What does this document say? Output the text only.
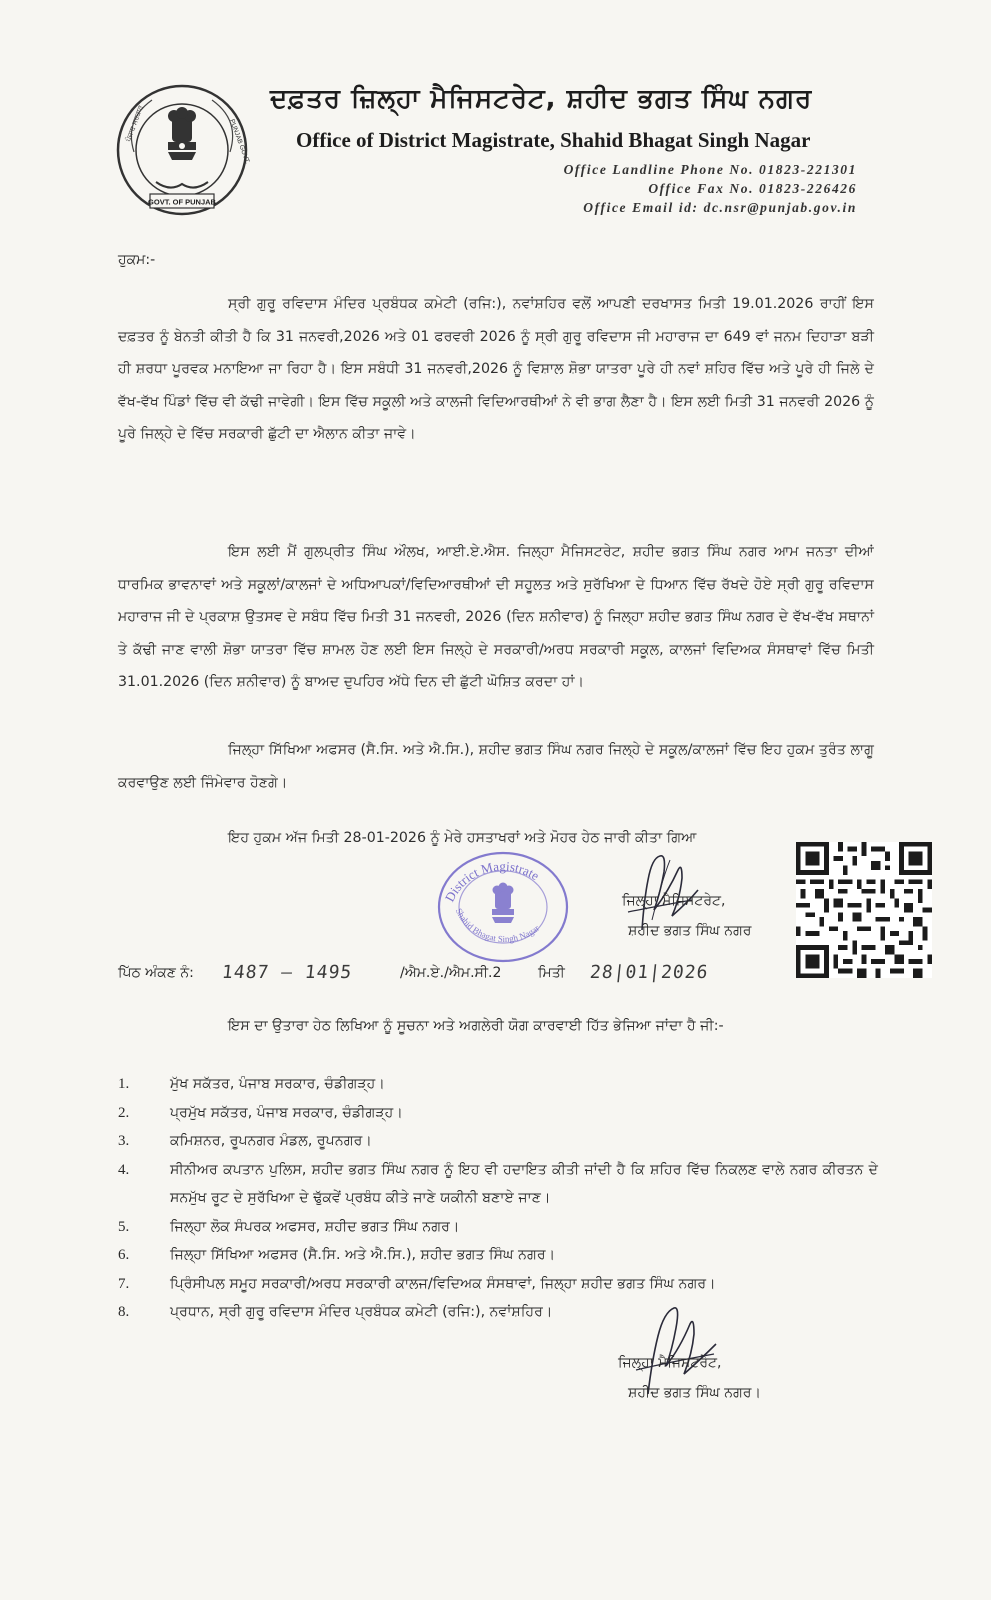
GOVT. OF PUNJAB
ਪੰਜਾਬ ਸਰਕਾਰ	PUNJAB GOVT.
ਦਫ਼ਤਰ ਜ਼ਿਲ੍ਹਾ ਮੈਜਿਸਟਰੇਟ, ਸ਼ਹੀਦ ਭਗਤ ਸਿੰਘ ਨਗਰ
Office of District Magistrate, Shahid Bhagat Singh Nagar
Office Landline Phone No. 01823-221301
Office Fax No. 01823-226426
Office Email id: dc.nsr@punjab.gov.in
ਹੁਕਮ:-
ਸ੍ਰੀ ਗੁਰੂ ਰਵਿਦਾਸ ਮੰਦਿਰ ਪ੍ਰਬੰਧਕ ਕਮੇਟੀ (ਰਜਿ:), ਨਵਾਂਸ਼ਹਿਰ ਵਲੋਂ ਆਪਣੀ ਦਰਖਾਸਤ ਮਿਤੀ 19.01.2026 ਰਾਹੀਂ ਇਸ ਦਫ਼ਤਰ ਨੂੰ ਬੇਨਤੀ ਕੀਤੀ ਹੈ ਕਿ 31 ਜਨਵਰੀ,2026 ਅਤੇ 01 ਫਰਵਰੀ 2026 ਨੂੰ ਸ੍ਰੀ ਗੁਰੂ ਰਵਿਦਾਸ ਜੀ ਮਹਾਰਾਜ ਦਾ 649 ਵਾਂ ਜਨਮ ਦਿਹਾੜਾ ਬੜੀ ਹੀ ਸ਼ਰਧਾ ਪੂਰਵਕ ਮਨਾਇਆ ਜਾ ਰਿਹਾ ਹੈ। ਇਸ ਸਬੰਧੀ 31 ਜਨਵਰੀ,2026 ਨੂੰ ਵਿਸ਼ਾਲ ਸ਼ੋਭਾ ਯਾਤਰਾ ਪੂਰੇ ਹੀ ਨਵਾਂ ਸ਼ਹਿਰ ਵਿੱਚ ਅਤੇ ਪੂਰੇ ਹੀ ਜਿਲੇ ਦੇ ਵੱਖ-ਵੱਖ ਪਿੰਡਾਂ ਵਿੱਚ ਵੀ ਕੱਢੀ ਜਾਵੇਗੀ। ਇਸ ਵਿੱਚ ਸਕੂਲੀ ਅਤੇ ਕਾਲਜੀ ਵਿਦਿਆਰਥੀਆਂ ਨੇ ਵੀ ਭਾਗ ਲੈਣਾ ਹੈ। ਇਸ ਲਈ ਮਿਤੀ 31 ਜਨਵਰੀ 2026 ਨੂੰ ਪੂਰੇ ਜਿਲ੍ਹੇ ਦੇ ਵਿੱਚ ਸਰਕਾਰੀ ਛੁੱਟੀ ਦਾ ਐਲਾਨ ਕੀਤਾ ਜਾਵੇ।
ਇਸ ਲਈ ਮੈਂ ਗੁਲਪ੍ਰੀਤ ਸਿੰਘ ਔਲਖ, ਆਈ.ਏ.ਐਸ. ਜਿਲ੍ਹਾ ਮੈਜਿਸਟਰੇਟ, ਸ਼ਹੀਦ ਭਗਤ ਸਿੰਘ ਨਗਰ ਆਮ ਜਨਤਾ ਦੀਆਂ ਧਾਰਮਿਕ ਭਾਵਨਾਵਾਂ ਅਤੇ ਸਕੂਲਾਂ/ਕਾਲਜਾਂ ਦੇ ਅਧਿਆਪਕਾਂ/ਵਿਦਿਆਰਥੀਆਂ ਦੀ ਸਹੂਲਤ ਅਤੇ ਸੁਰੱਖਿਆ ਦੇ ਧਿਆਨ ਵਿੱਚ ਰੱਖਦੇ ਹੋਏ ਸ੍ਰੀ ਗੁਰੂ ਰਵਿਦਾਸ ਮਹਾਰਾਜ ਜੀ ਦੇ ਪ੍ਰਕਾਸ਼ ਉਤਸਵ ਦੇ ਸਬੰਧ ਵਿੱਚ ਮਿਤੀ 31 ਜਨਵਰੀ, 2026 (ਦਿਨ ਸ਼ਨੀਵਾਰ) ਨੂੰ ਜਿਲ੍ਹਾ ਸ਼ਹੀਦ ਭਗਤ ਸਿੰਘ ਨਗਰ ਦੇ ਵੱਖ-ਵੱਖ ਸਥਾਨਾਂ ਤੇ ਕੱਢੀ ਜਾਣ ਵਾਲੀ ਸ਼ੋਭਾ ਯਾਤਰਾ ਵਿੱਚ ਸ਼ਾਮਲ ਹੋਣ ਲਈ ਇਸ ਜਿਲ੍ਹੇ ਦੇ ਸਰਕਾਰੀ/ਅਰਧ ਸਰਕਾਰੀ ਸਕੂਲ, ਕਾਲਜਾਂ ਵਿਦਿਅਕ ਸੰਸਥਾਵਾਂ ਵਿੱਚ ਮਿਤੀ 31.01.2026 (ਦਿਨ ਸ਼ਨੀਵਾਰ) ਨੂੰ ਬਾਅਦ ਦੁਪਹਿਰ ਅੱਧੇ ਦਿਨ ਦੀ ਛੁੱਟੀ ਘੋਸ਼ਿਤ ਕਰਦਾ ਹਾਂ।
ਜਿਲ੍ਹਾ ਸਿੱਖਿਆ ਅਫਸਰ (ਸੈ.ਸਿ. ਅਤੇ ਐ.ਸਿ.), ਸ਼ਹੀਦ ਭਗਤ ਸਿੰਘ ਨਗਰ ਜਿਲ੍ਹੇ ਦੇ ਸਕੂਲ/ਕਾਲਜਾਂ ਵਿੱਚ ਇਹ ਹੁਕਮ ਤੁਰੰਤ ਲਾਗੂ ਕਰਵਾਉਣ ਲਈ ਜਿੰਮੇਵਾਰ ਹੋਣਗੇ।
ਇਹ ਹੁਕਮ ਅੱਜ ਮਿਤੀ 28-01-2026 ਨੂੰ ਮੇਰੇ ਹਸਤਾਖਰਾਂ ਅਤੇ ਮੋਹਰ ਹੇਠ ਜਾਰੀ ਕੀਤਾ ਗਿਆ
District Magistrate
Shahid Bhagat Singh Nagar
ਜਿਲ੍ਹਾ ਮੈਜਿਸਟਰੇਟ,
ਸ਼ਹੀਦ ਭਗਤ ਸਿੰਘ ਨਗਰ
ਪਿੱਠ ਅੰਕਣ ਨੰ: 1487 – 1495	/ਐਮ.ਏ./ਐਮ.ਸੀ.2	ਮਿਤੀ 28|01|2026
ਇਸ ਦਾ ਉਤਾਰਾ ਹੇਠ ਲਿਖਿਆ ਨੂੰ ਸੂਚਨਾ ਅਤੇ ਅਗਲੇਰੀ ਯੋਗ ਕਾਰਵਾਈ ਹਿੱਤ ਭੇਜਿਆ ਜਾਂਦਾ ਹੈ ਜੀ:-
1.	ਮੁੱਖ ਸਕੱਤਰ, ਪੰਜਾਬ ਸਰਕਾਰ, ਚੰਡੀਗੜ੍ਹ।
2.	ਪ੍ਰਮੁੱਖ ਸਕੱਤਰ, ਪੰਜਾਬ ਸਰਕਾਰ, ਚੰਡੀਗੜ੍ਹ।
3.	ਕਮਿਸ਼ਨਰ, ਰੂਪਨਗਰ ਮੰਡਲ, ਰੂਪਨਗਰ।
4.	ਸੀਨੀਅਰ ਕਪਤਾਨ ਪੁਲਿਸ, ਸ਼ਹੀਦ ਭਗਤ ਸਿੰਘ ਨਗਰ ਨੂੰ ਇਹ ਵੀ ਹਦਾਇਤ ਕੀਤੀ ਜਾਂਦੀ ਹੈ ਕਿ ਸ਼ਹਿਰ ਵਿੱਚ ਨਿਕਲਣ ਵਾਲੇ ਨਗਰ ਕੀਰਤਨ ਦੇ ਸਨਮੁੱਖ ਰੂਟ ਦੇ ਸੁਰੱਖਿਆ ਦੇ ਢੁੱਕਵੇਂ ਪ੍ਰਬੰਧ ਕੀਤੇ ਜਾਣੇ ਯਕੀਨੀ ਬਣਾਏ ਜਾਣ।
5.	ਜਿਲ੍ਹਾ ਲੋਕ ਸੰਪਰਕ ਅਫਸਰ, ਸ਼ਹੀਦ ਭਗਤ ਸਿੰਘ ਨਗਰ।
6.	ਜਿਲ੍ਹਾ ਸਿੱਖਿਆ ਅਫਸਰ (ਸੈ.ਸਿ. ਅਤੇ ਐ.ਸਿ.), ਸ਼ਹੀਦ ਭਗਤ ਸਿੰਘ ਨਗਰ।
7.	ਪ੍ਰਿੰਸੀਪਲ ਸਮੂਹ ਸਰਕਾਰੀ/ਅਰਧ ਸਰਕਾਰੀ ਕਾਲਜ/ਵਿਦਿਅਕ ਸੰਸਥਾਵਾਂ, ਜਿਲ੍ਹਾ ਸ਼ਹੀਦ ਭਗਤ ਸਿੰਘ ਨਗਰ।
8.	ਪ੍ਰਧਾਨ, ਸ੍ਰੀ ਗੁਰੂ ਰਵਿਦਾਸ ਮੰਦਿਰ ਪ੍ਰਬੰਧਕ ਕਮੇਟੀ (ਰਜਿ:), ਨਵਾਂਸ਼ਹਿਰ।
ਜਿਲ੍ਹਾ ਮੈਜਿਸਟਰੇਟ,
ਸ਼ਹੀਦ ਭਗਤ ਸਿੰਘ ਨਗਰ।
